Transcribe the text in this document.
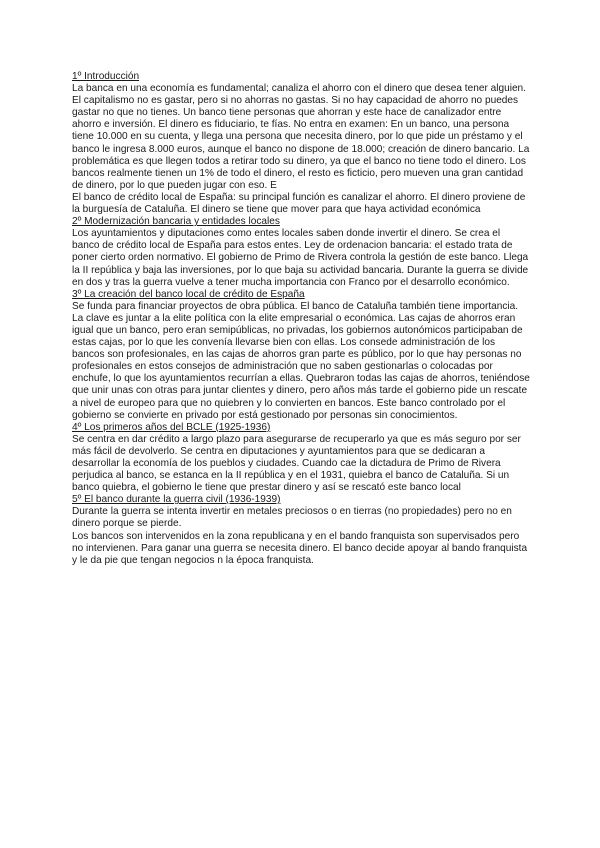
1º Introducción

La banca en una economía es fundamental; canaliza el ahorro con el dinero que desea tener alguien. El capitalismo no es gastar, pero si no ahorras no gastas. Si no hay capacidad de ahorro no puedes gastar no que no tienes. Un banco tiene personas que ahorran y este hace de canalizador entre ahorro e inversión. El dinero es fiduciario, te fías. No entra en examen: En un banco, una persona tiene 10.000 en su cuenta, y llega una persona que necesita dinero, por lo que pide un préstamo y el banco le ingresa 8.000 euros, aunque el banco no dispone de 18.000; creación de dinero bancario. La problemática es que llegen todos a retirar todo su dinero, ya que el banco no tiene todo el dinero. Los bancos realmente tienen un 1% de todo el dinero, el resto es ficticio, pero mueven una gran cantidad de dinero, por lo que pueden jugar con eso. E

El banco de crédito local de España: su principal función es canalizar el ahorro. El dinero proviene de la burguesía de Cataluña. El dinero se tiene que mover para que haya actividad económica

2º Modernización bancaria y entidades locales

Los ayuntamientos y diputaciones como entes locales saben donde invertir el dinero. Se crea el banco de crédito local de España para estos entes. Ley de ordenacion bancaria: el estado trata de poner cierto orden normativo. El gobierno de Primo de Rivera controla la gestión de este banco. Llega la II república y baja las inversiones, por lo que baja su actividad bancaria. Durante la guerra se divide en dos y tras la guerra vuelve a tener mucha importancia con Franco por el desarrollo económico.

3º La creación del banco local de crédito de España

Se funda para financiar proyectos de obra pública. El banco de Cataluña también tiene importancia. La clave es juntar a la elite política con la elite empresarial o económica. Las cajas de ahorros eran igual que un banco, pero eran semipúblicas, no privadas, los gobiernos autonómicos participaban de estas cajas, por lo que les convenía llevarse bien con ellas. Los consede administración de los bancos son profesionales, en las cajas de ahorros gran parte es público, por lo que hay personas no profesionales en estos consejos de administración que no saben gestionarlas o colocadas por enchufe, lo que los ayuntamientos recurrían a ellas. Quebraron todas las cajas de ahorros, teniéndose que unir unas con otras para juntar clientes y dinero, pero años más tarde el gobierno pide un rescate a nivel de europeo para que no quiebren y lo convierten en bancos. Este banco controlado por el gobierno se convierte en privado por está gestionado por personas sin conocimientos.

4º Los primeros años del BCLE (1925-1936)

Se centra en dar crédito a largo plazo para asegurarse de recuperarlo ya que es más seguro por ser más fácil de devolverlo. Se centra en diputaciones y ayuntamientos para que se dedicaran a desarrollar la economía de los pueblos y ciudades. Cuando cae la dictadura de Primo de Rivera perjudica al banco, se estanca en la II república y en el 1931, quiebra el banco de Cataluña. Si un banco quiebra, el gobierno le tiene que prestar dinero y así se rescató este banco local

5º El banco durante la guerra civil (1936-1939)

Durante la guerra se intenta invertir en metales preciosos o en tierras (no propiedades) pero no en dinero porque se pierde.

Los bancos son intervenidos en la zona republicana y en el bando franquista son supervisados pero no intervienen. Para ganar una guerra se necesita dinero. El banco decide apoyar al bando franquista y le da pie que tengan negocios n la época franquista.
